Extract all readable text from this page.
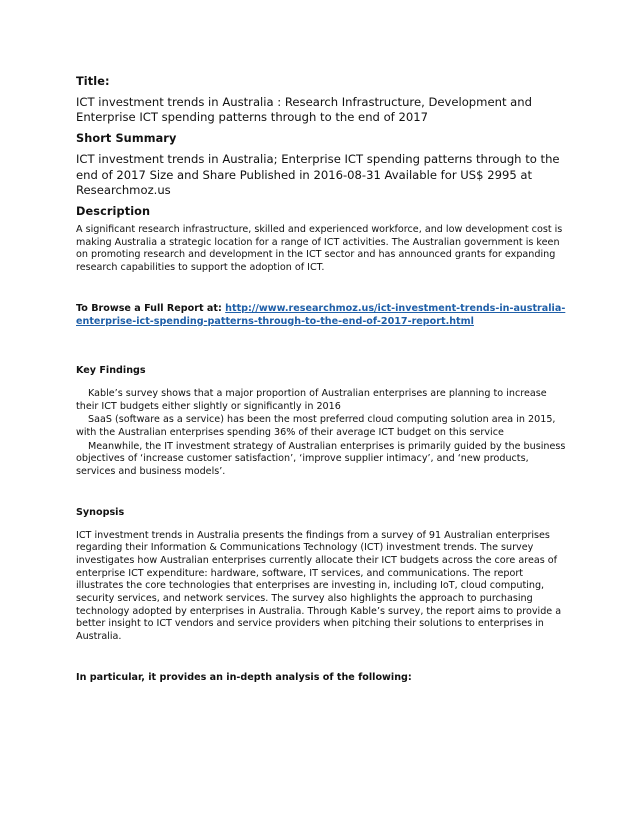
Title:

ICT investment trends in Australia : Research Infrastructure, Development and Enterprise ICT spending patterns through to the end of 2017

Short Summary

ICT investment trends in Australia; Enterprise ICT spending patterns through to the end of 2017 Size and Share Published in 2016-08-31 Available for US$ 2995 at Researchmoz.us

Description

A significant research infrastructure, skilled and experienced workforce, and low development cost is making Australia a strategic location for a range of ICT activities. The Australian government is keen on promoting research and development in the ICT sector and has announced grants for expanding research capabilities to support the adoption of ICT.

To Browse a Full Report at: http://www.researchmoz.us/ict-investment-trends-in-australia-enterprise-ict-spending-patterns-through-to-the-end-of-2017-report.html

Key Findings

Kable’s survey shows that a major proportion of Australian enterprises are planning to increase their ICT budgets either slightly or significantly in 2016

SaaS (software as a service) has been the most preferred cloud computing solution area in 2015, with the Australian enterprises spending 36% of their average ICT budget on this service

Meanwhile, the IT investment strategy of Australian enterprises is primarily guided by the business objectives of ‘increase customer satisfaction’, ‘improve supplier intimacy’, and ‘new products, services and business models’.

Synopsis

ICT investment trends in Australia presents the findings from a survey of 91 Australian enterprises regarding their Information & Communications Technology (ICT) investment trends. The survey investigates how Australian enterprises currently allocate their ICT budgets across the core areas of enterprise ICT expenditure: hardware, software, IT services, and communications. The report illustrates the core technologies that enterprises are investing in, including IoT, cloud computing, security services, and network services. The survey also highlights the approach to purchasing technology adopted by enterprises in Australia. Through Kable’s survey, the report aims to provide a better insight to ICT vendors and service providers when pitching their solutions to enterprises in Australia.

In particular, it provides an in-depth analysis of the following:
